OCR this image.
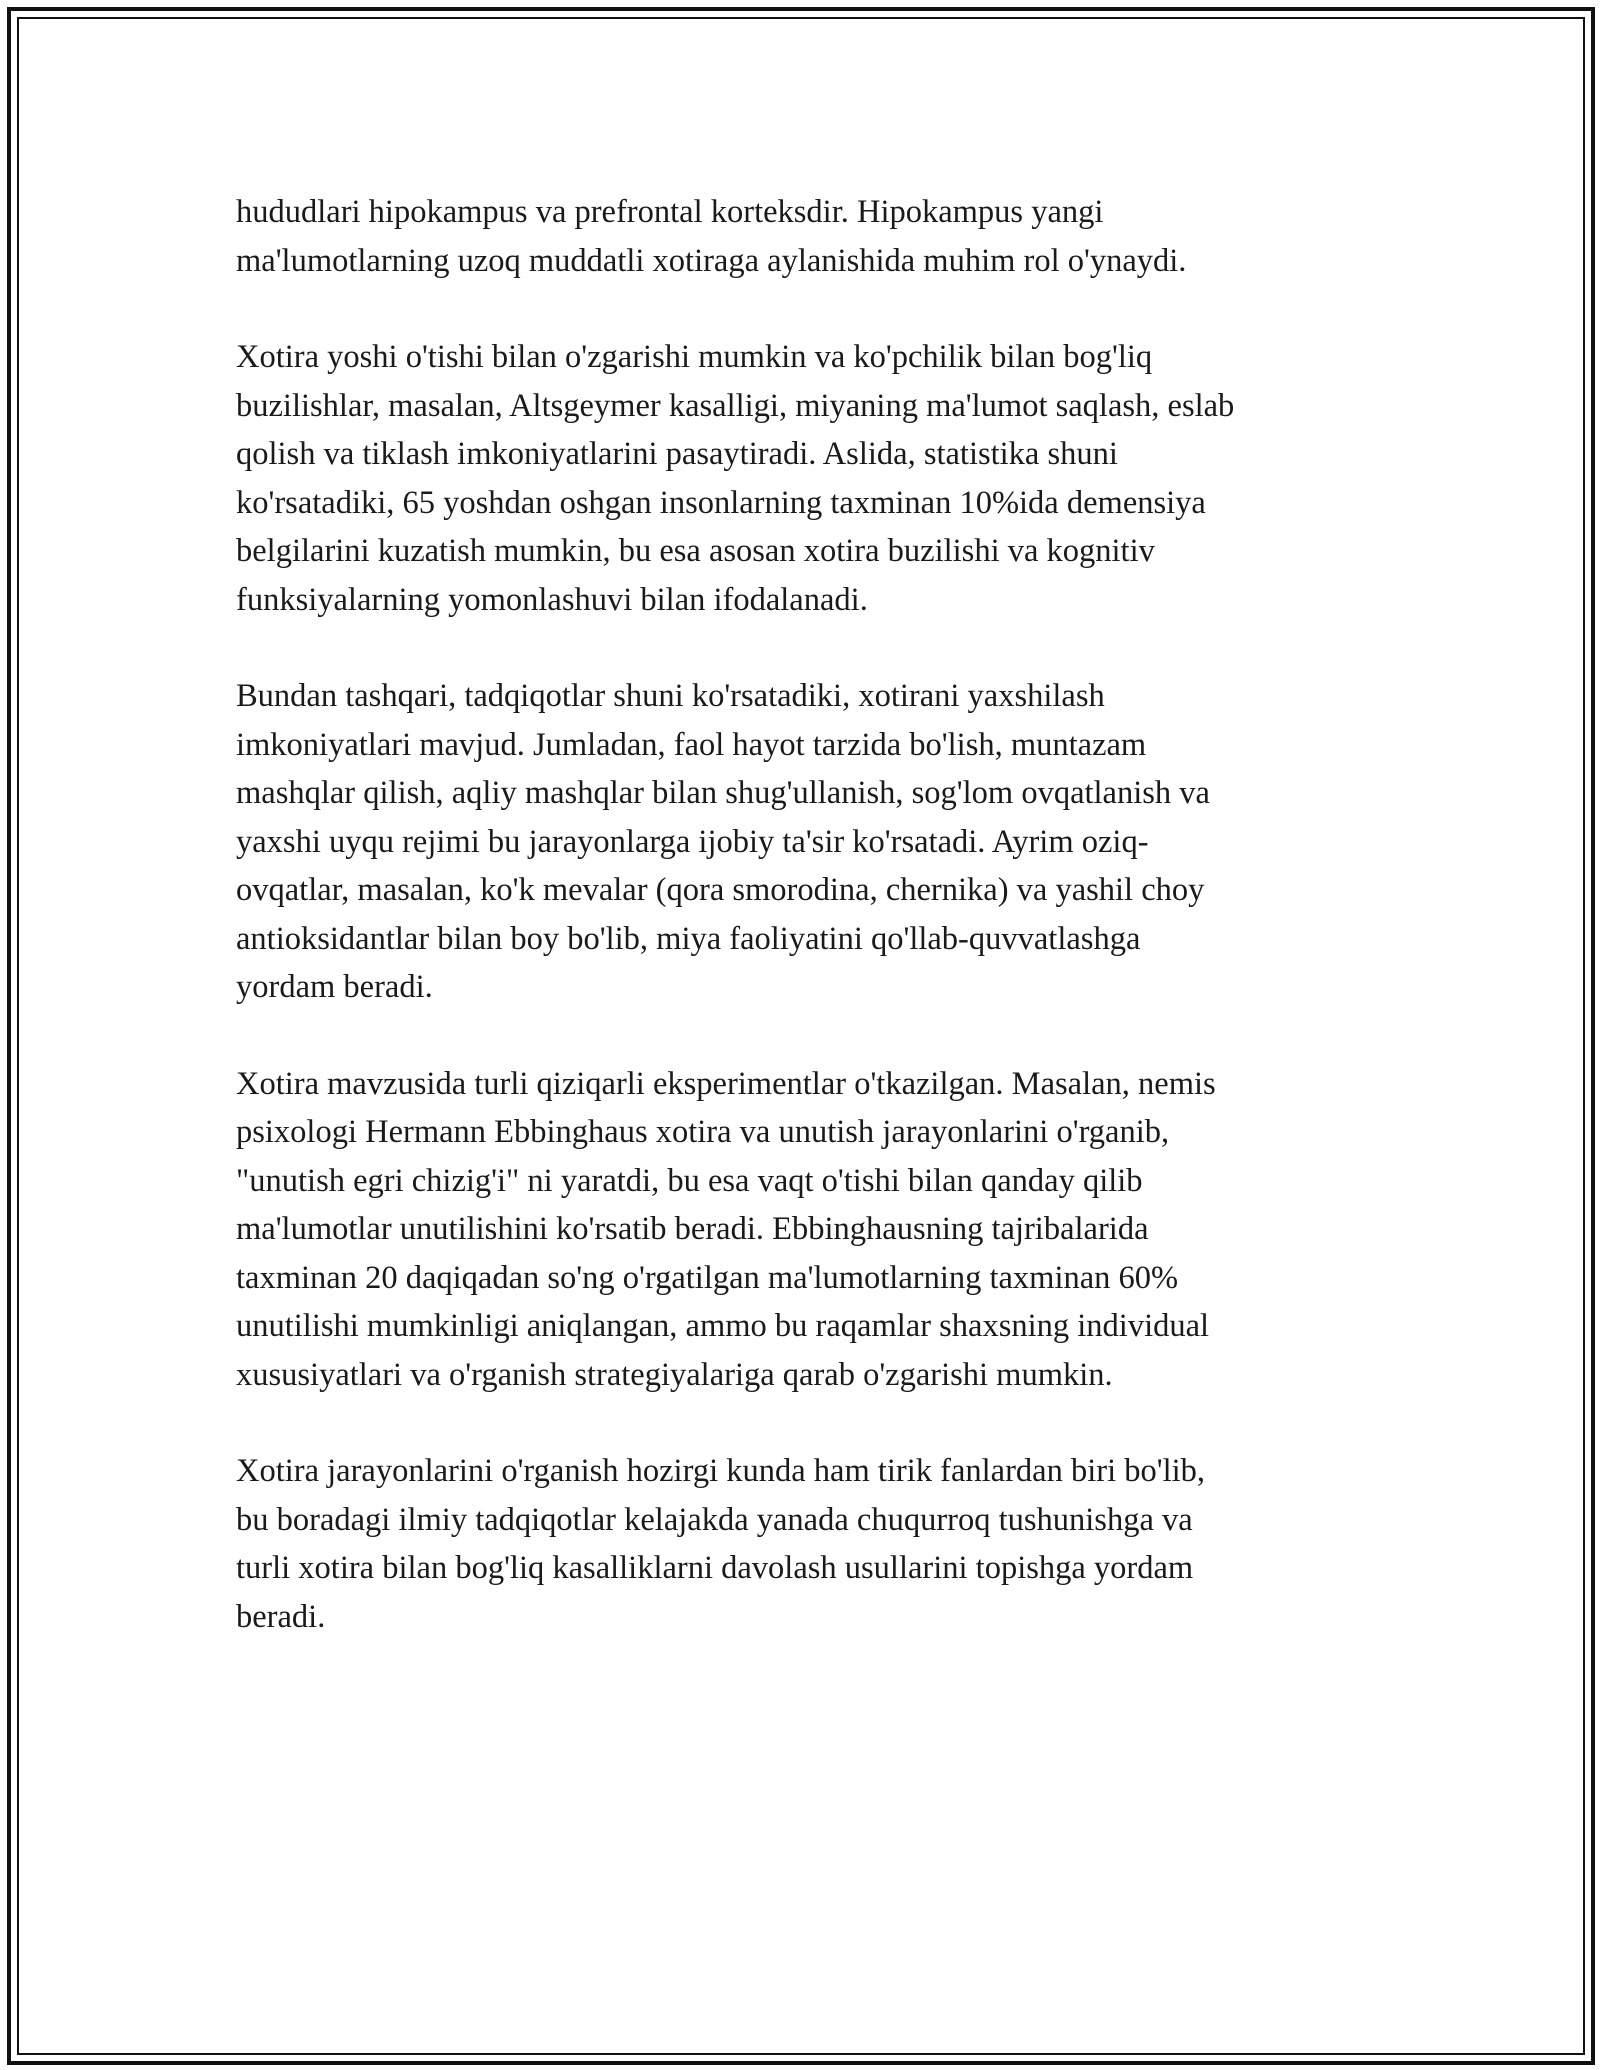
hududlari hipokampus va prefrontal korteksdir. Hipokampus yangi
ma'lumotlarning uzoq muddatli xotiraga aylanishida muhim rol o'ynaydi.

Xotira yoshi o'tishi bilan o'zgarishi mumkin va ko'pchilik bilan bog'liq
buzilishlar, masalan, Altsgeymer kasalligi, miyaning ma'lumot saqlash, eslab
qolish va tiklash imkoniyatlarini pasaytiradi. Aslida, statistika shuni
ko'rsatadiki, 65 yoshdan oshgan insonlarning taxminan 10%ida demensiya
belgilarini kuzatish mumkin, bu esa asosan xotira buzilishi va kognitiv
funksiyalarning yomonlashuvi bilan ifodalanadi.

Bundan tashqari, tadqiqotlar shuni ko'rsatadiki, xotirani yaxshilash
imkoniyatlari mavjud. Jumladan, faol hayot tarzida bo'lish, muntazam
mashqlar qilish, aqliy mashqlar bilan shug'ullanish, sog'lom ovqatlanish va
yaxshi uyqu rejimi bu jarayonlarga ijobiy ta'sir ko'rsatadi. Ayrim oziq-
ovqatlar, masalan, ko'k mevalar (qora smorodina, chernika) va yashil choy
antioksidantlar bilan boy bo'lib, miya faoliyatini qo'llab-quvvatlashga
yordam beradi.

Xotira mavzusida turli qiziqarli eksperimentlar o'tkazilgan. Masalan, nemis
psixologi Hermann Ebbinghaus xotira va unutish jarayonlarini o'rganib,
"unutish egri chizig'i" ni yaratdi, bu esa vaqt o'tishi bilan qanday qilib
ma'lumotlar unutilishini ko'rsatib beradi. Ebbinghausning tajribalarida
taxminan 20 daqiqadan so'ng o'rgatilgan ma'lumotlarning taxminan 60%
unutilishi mumkinligi aniqlangan, ammo bu raqamlar shaxsning individual
xususiyatlari va o'rganish strategiyalariga qarab o'zgarishi mumkin.

Xotira jarayonlarini o'rganish hozirgi kunda ham tirik fanlardan biri bo'lib,
bu boradagi ilmiy tadqiqotlar kelajakda yanada chuqurroq tushunishga va
turli xotira bilan bog'liq kasalliklarni davolash usullarini topishga yordam
beradi.
